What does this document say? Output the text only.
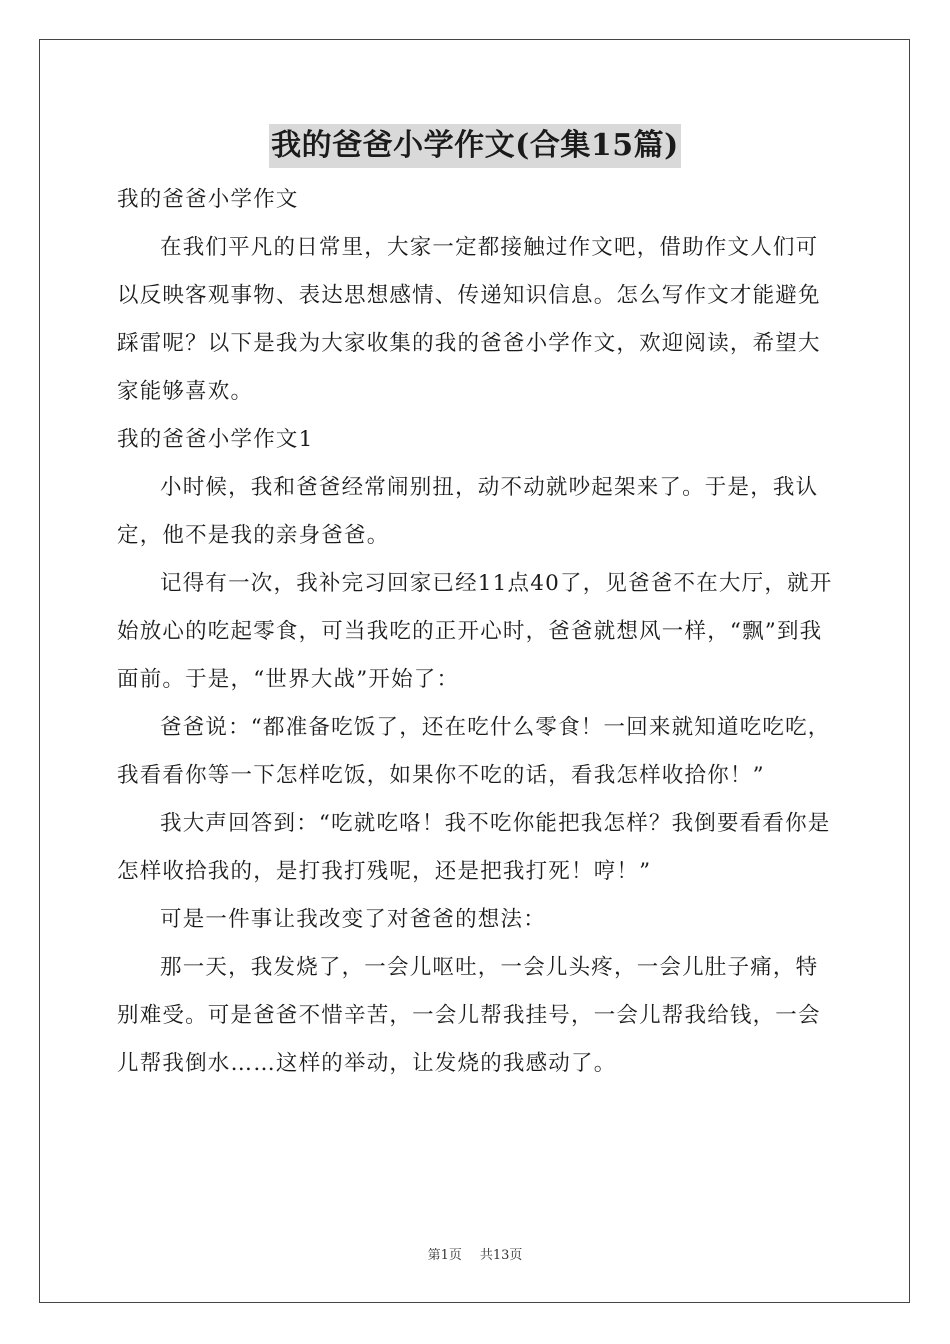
我的爸爸小学作文(合集15篇)

我的爸爸小学作文

在我们平凡的日常里，大家一定都接触过作文吧，借助作文人们可以反映客观事物、表达思想感情、传递知识信息。怎么写作文才能避免踩雷呢？以下是我为大家收集的我的爸爸小学作文，欢迎阅读，希望大家能够喜欢。

我的爸爸小学作文1

小时候，我和爸爸经常闹别扭，动不动就吵起架来了。于是，我认定，他不是我的亲身爸爸。

记得有一次，我补完习回家已经11点40了，见爸爸不在大厅，就开始放心的吃起零食，可当我吃的正开心时，爸爸就想风一样，“飘”到我面前。于是，“世界大战”开始了：

爸爸说：“都准备吃饭了，还在吃什么零食！一回来就知道吃吃吃，我看看你等一下怎样吃饭，如果你不吃的话，看我怎样收拾你！”

我大声回答到：“吃就吃咯！我不吃你能把我怎样？我倒要看看你是怎样收拾我的，是打我打残呢，还是把我打死！哼！”

可是一件事让我改变了对爸爸的想法：

那一天，我发烧了，一会儿呕吐，一会儿头疼，一会儿肚子痛，特别难受。可是爸爸不惜辛苦，一会儿帮我挂号，一会儿帮我给钱，一会儿帮我倒水……这样的举动，让发烧的我感动了。

第1页 共13页
